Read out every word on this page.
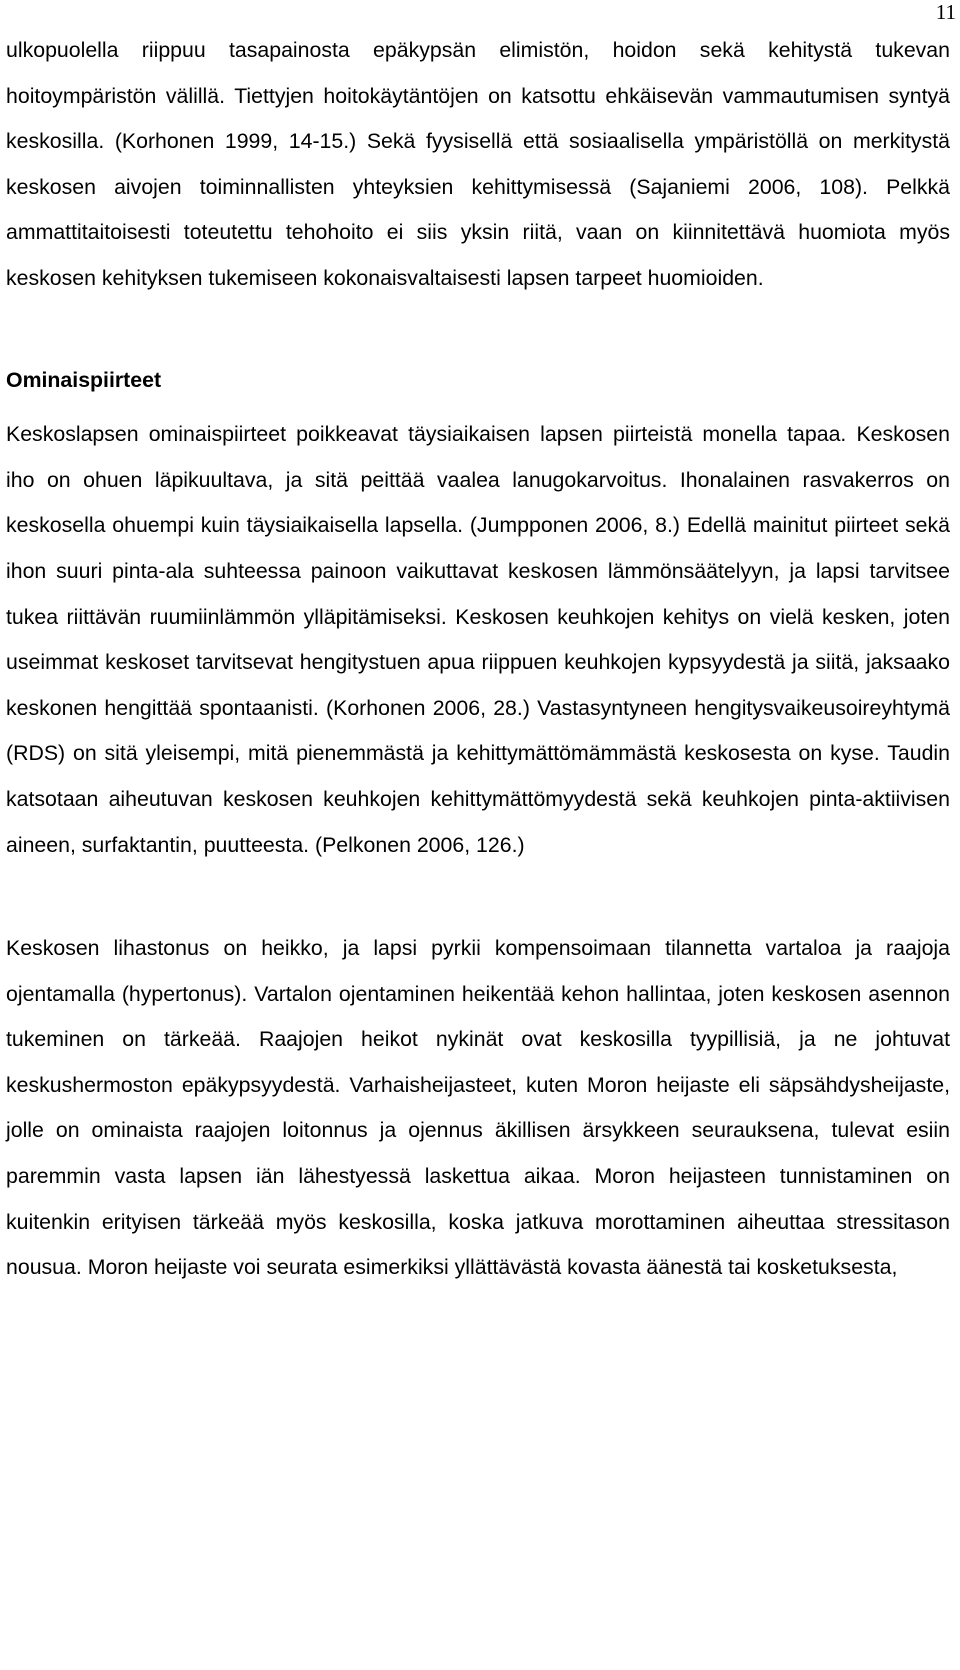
11

ulkopuolella riippuu tasapainosta epäkypsän elimistön, hoidon sekä kehitystä tukevan hoitoympäristön välillä. Tiettyjen hoitokäytäntöjen on katsottu ehkäisevän vammautumisen syntyä keskosilla. (Korhonen 1999, 14-15.) Sekä fyysisellä että sosiaalisella ympäristöllä on merkitystä keskosen aivojen toiminnallisten yhteyksien kehittymisessä (Sajaniemi 2006, 108). Pelkkä ammattitaitoisesti toteutettu tehohoito ei siis yksin riitä, vaan on kiinnitettävä huomiota myös keskosen kehityksen tukemiseen kokonaisvaltaisesti lapsen tarpeet huomioiden.

Ominaispiirteet

Keskoslapsen ominaispiirteet poikkeavat täysiaikaisen lapsen piirteistä monella tapaa. Keskosen iho on ohuen läpikuultava, ja sitä peittää vaalea lanugokarvoitus. Ihonalainen rasvakerros on keskosella ohuempi kuin täysiaikaisella lapsella. (Jumpponen 2006, 8.) Edellä mainitut piirteet sekä ihon suuri pinta-ala suhteessa painoon vaikuttavat keskosen lämmönsäätelyyn, ja lapsi tarvitsee tukea riittävän ruumiinlämmön ylläpitämiseksi. Keskosen keuhkojen kehitys on vielä kesken, joten useimmat keskoset tarvitsevat hengitystuen apua riippuen keuhkojen kypsyydestä ja siitä, jaksaako keskonen hengittää spontaanisti. (Korhonen 2006, 28.) Vastasyntyneen hengitysvaikeusoireyhtymä (RDS) on sitä yleisempi, mitä pienemmästä ja kehittymättömämmästä keskosesta on kyse. Taudin katsotaan aiheutuvan keskosen keuhkojen kehittymättömyydestä sekä keuhkojen pinta-aktiivisen aineen, surfaktantin, puutteesta. (Pelkonen 2006, 126.)

Keskosen lihastonus on heikko, ja lapsi pyrkii kompensoimaan tilannetta vartaloa ja raajoja ojentamalla (hypertonus). Vartalon ojentaminen heikentää kehon hallintaa, joten keskosen asennon tukeminen on tärkeää. Raajojen heikot nykinät ovat keskosilla tyypillisiä, ja ne johtuvat keskushermoston epäkypsyydestä. Varhaisheijasteet, kuten Moron heijaste eli säpsähdysheijaste, jolle on ominaista raajojen loitonnus ja ojennus äkillisen ärsykkeen seurauksena, tulevat esiin paremmin vasta lapsen iän lähestyessä laskettua aikaa. Moron heijasteen tunnistaminen on kuitenkin erityisen tärkeää myös keskosilla, koska jatkuva morottaminen aiheuttaa stressitason nousua. Moron heijaste voi seurata esimerkiksi yllättävästä kovasta äänestä tai kosketuksesta,
